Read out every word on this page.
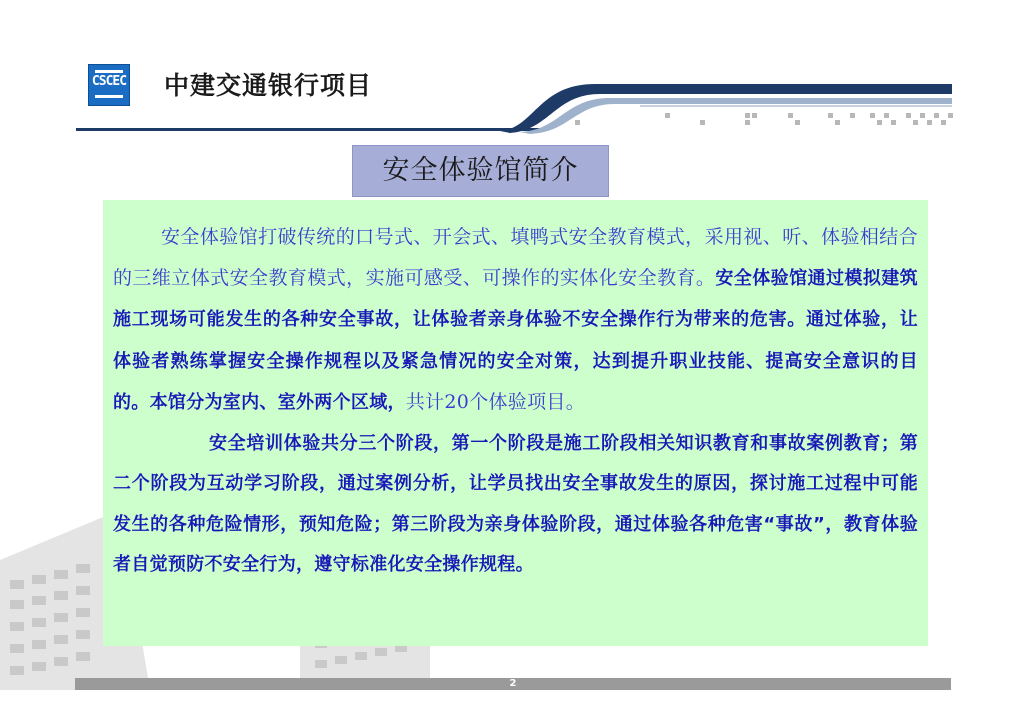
CSCEC 中建交通银行项目
安全体验馆简介

安全体验馆打破传统的口号式、开会式、填鸭式安全教育模式，采用视、听、体验相结合的三维立体式安全教育模式，实施可感受、可操作的实体化安全教育。安全体验馆通过模拟建筑施工现场可能发生的各种安全事故，让体验者亲身体验不安全操作行为带来的危害。通过体验，让体验者熟练掌握安全操作规程以及紧急情况的安全对策，达到提升职业技能、提高安全意识的目的。本馆分为室内、室外两个区域，共计20个体验项目。

安全培训体验共分三个阶段，第一个阶段是施工阶段相关知识教育和事故案例教育；第二个阶段为互动学习阶段，通过案例分析，让学员找出安全事故发生的原因，探讨施工过程中可能发生的各种危险情形，预知危险；第三阶段为亲身体验阶段，通过体验各种危害“事故”，教育体验者自觉预防不安全行为，遵守标准化安全操作规程。

2
